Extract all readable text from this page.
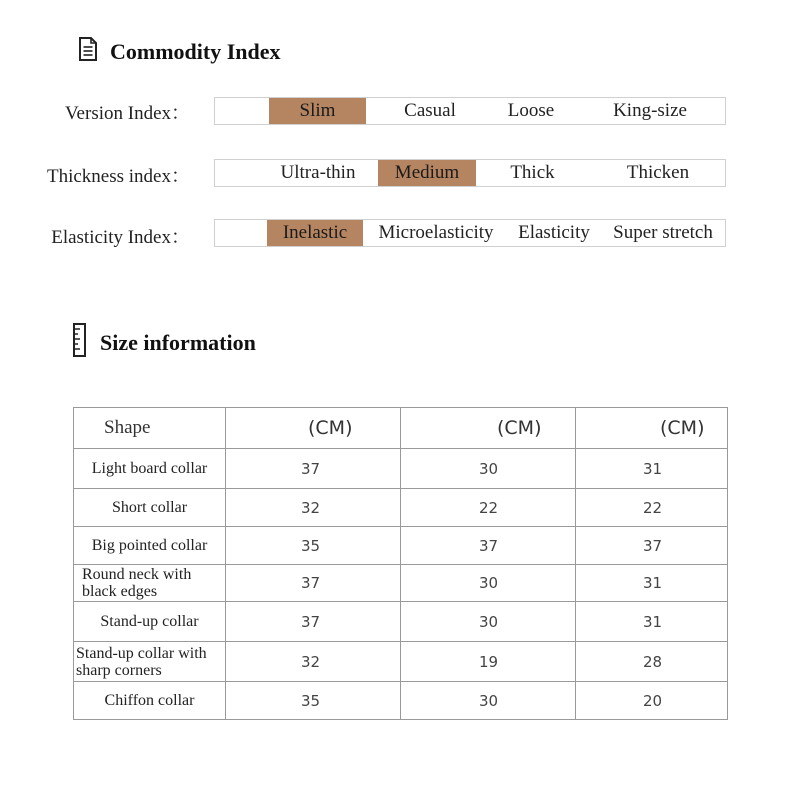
Commodity Index
Version Index：	Slim	Casual	Loose	King-size
Thickness index：	Ultra-thin	Medium	Thick	Thicken
Elasticity Index：	Inelastic	Microelasticity	Elasticity	Super stretch
Size information
Shape	(CM)	(CM)	(CM)
Light board collar	37	30	31
Short collar	32	22	22
Big pointed collar	35	37	37
Round neck with black edges	37	30	31
Stand-up collar	37	30	31
Stand-up collar with sharp corners	32	19	28
Chiffon collar	35	30	20
